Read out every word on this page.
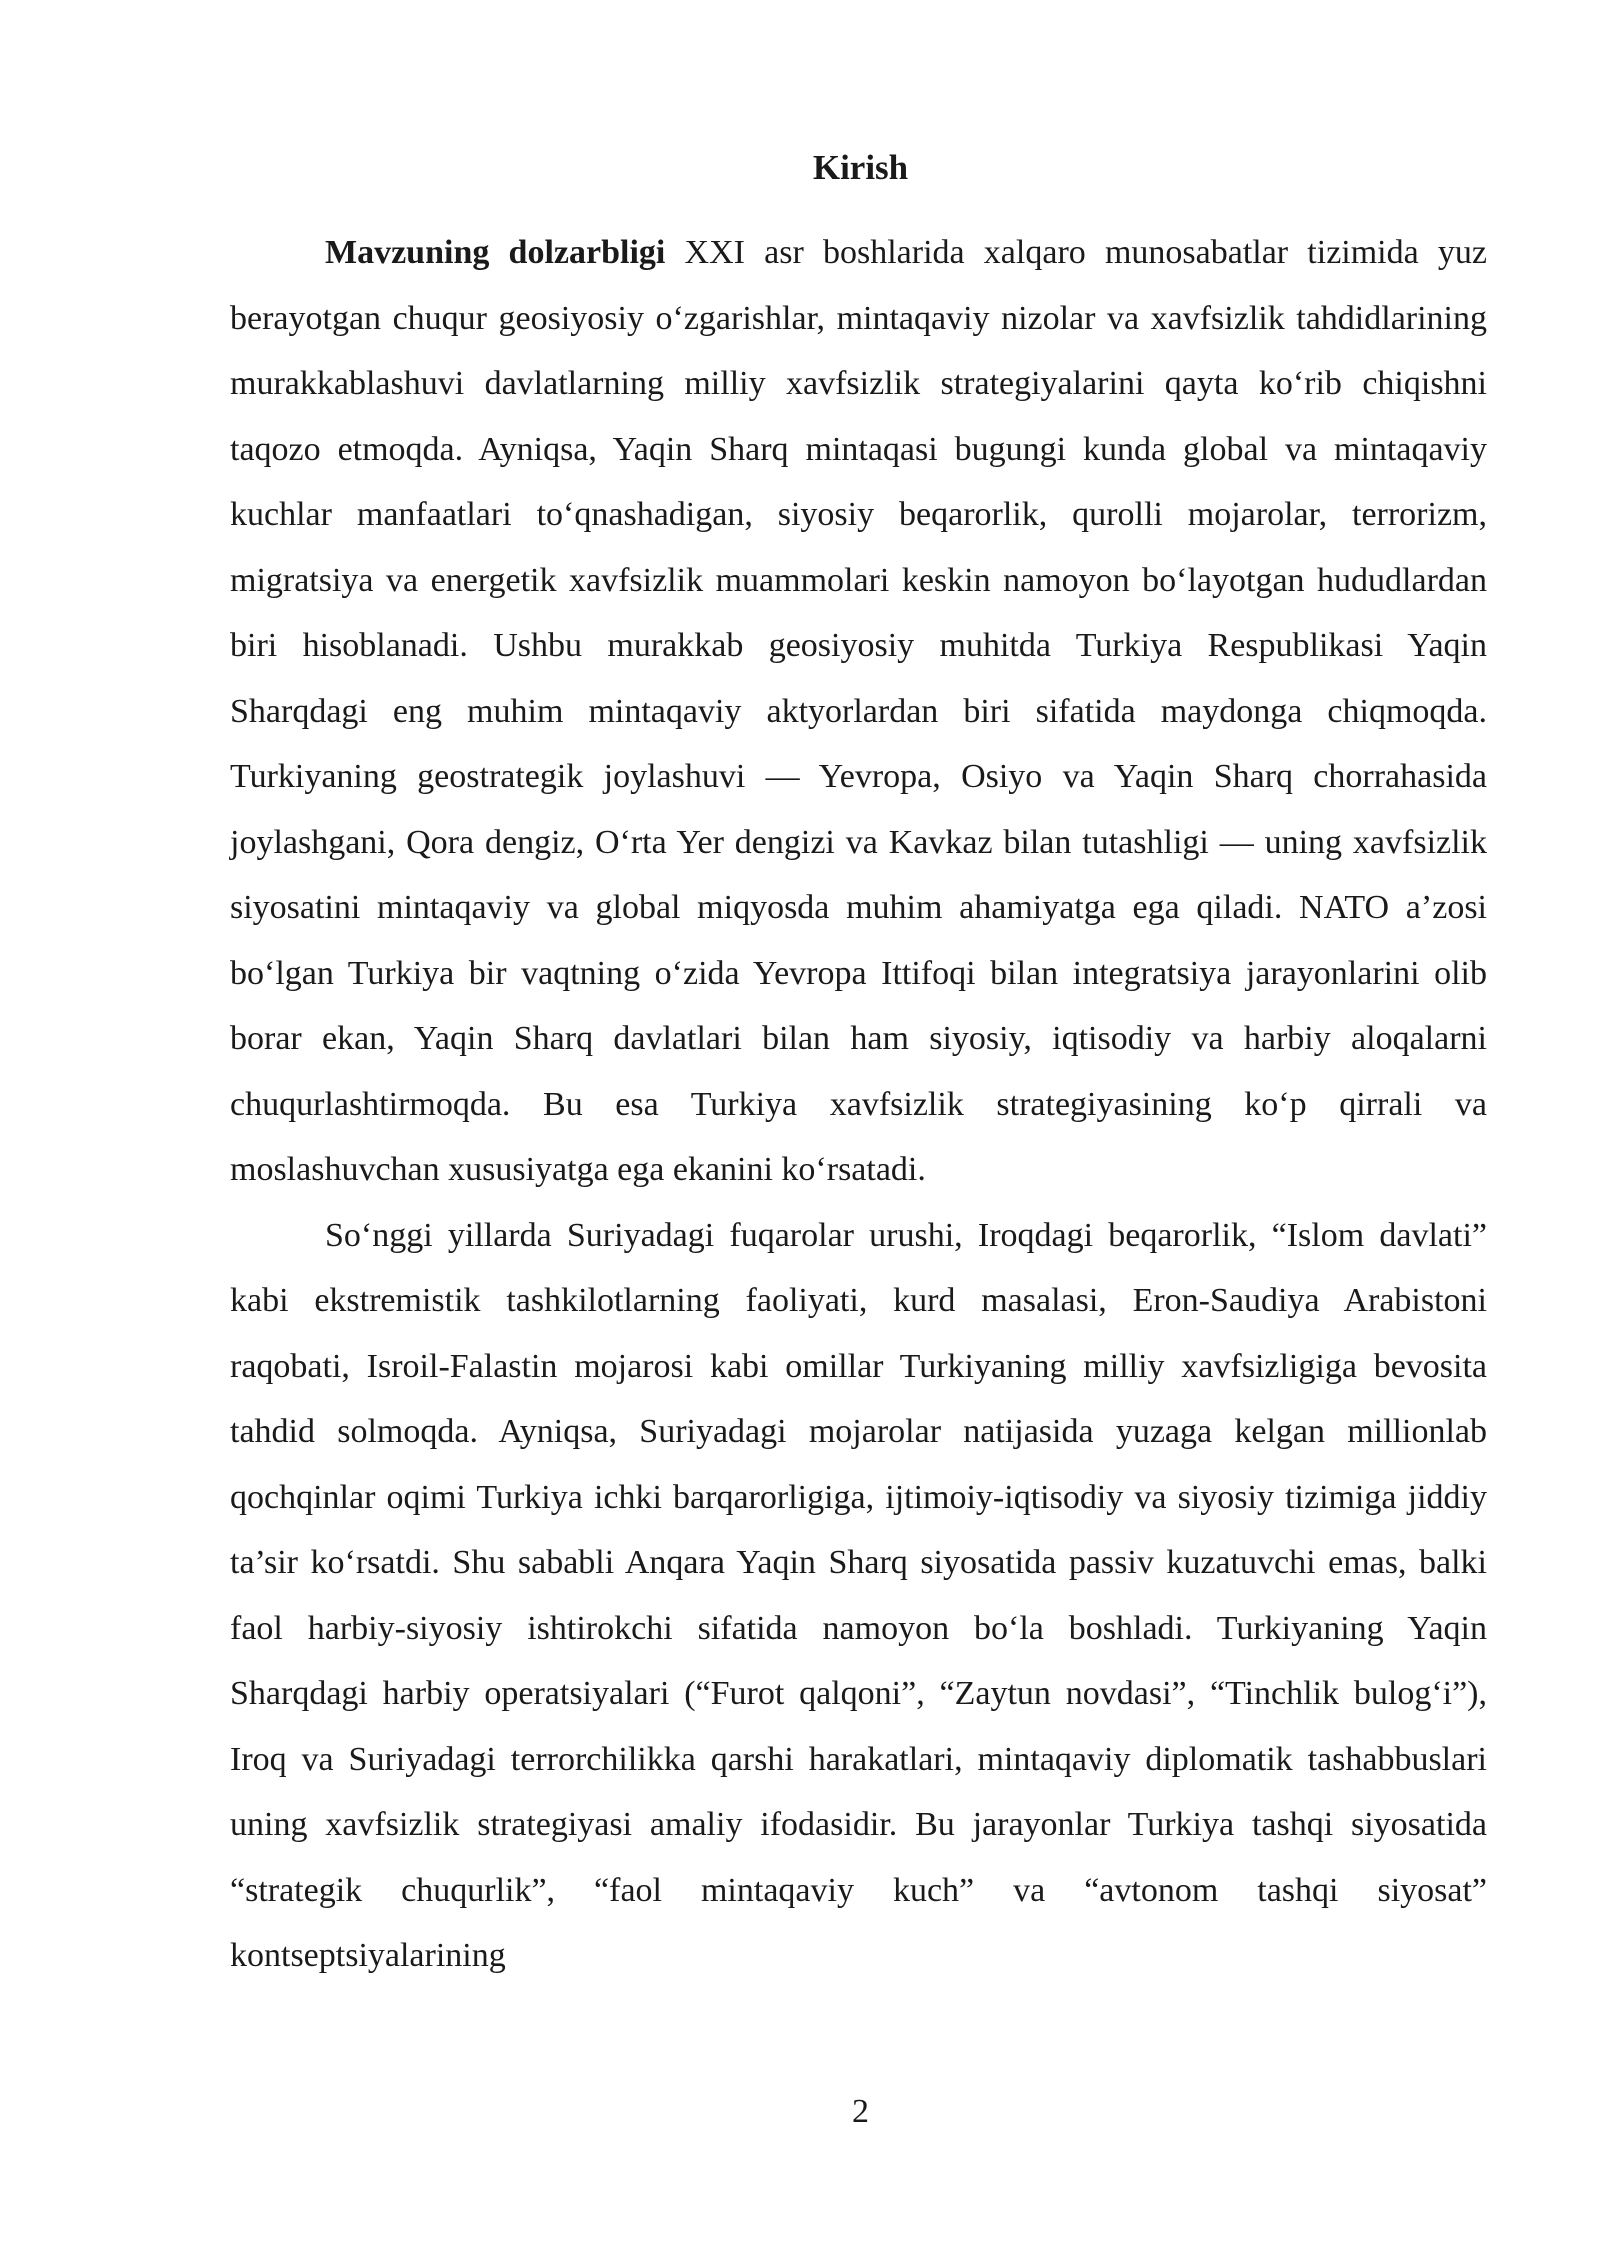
Kirish

Mavzuning dolzarbligi XXI asr boshlarida xalqaro munosabatlar tizimida yuz berayotgan chuqur geosiyosiy o‘zgarishlar, mintaqaviy nizolar va xavfsizlik tahdidlarining murakkablashuvi davlatlarning milliy xavfsizlik strategiyalarini qayta ko‘rib chiqishni taqozo etmoqda. Ayniqsa, Yaqin Sharq mintaqasi bugungi kunda global va mintaqaviy kuchlar manfaatlari to‘qnashadigan, siyosiy beqarorlik, qurolli mojarolar, terrorizm, migratsiya va energetik xavfsizlik muammolari keskin namoyon bo‘layotgan hududlardan biri hisoblanadi. Ushbu murakkab geosiyosiy muhitda Turkiya Respublikasi Yaqin Sharqdagi eng muhim mintaqaviy aktyorlardan biri sifatida maydonga chiqmoqda. Turkiyaning geostrategik joylashuvi — Yevropa, Osiyo va Yaqin Sharq chorrahasida joylashgani, Qora dengiz, O‘rta Yer dengizi va Kavkaz bilan tutashligi — uning xavfsizlik siyosatini mintaqaviy va global miqyosda muhim ahamiyatga ega qiladi. NATO a’zosi bo‘lgan Turkiya bir vaqtning o‘zida Yevropa Ittifoqi bilan integratsiya jarayonlarini olib borar ekan, Yaqin Sharq davlatlari bilan ham siyosiy, iqtisodiy va harbiy aloqalarni chuqurlashtirmoqda. Bu esa Turkiya xavfsizlik strategiyasining ko‘p qirrali va moslashuvchan xususiyatga ega ekanini ko‘rsatadi.

So‘nggi yillarda Suriyadagi fuqarolar urushi, Iroqdagi beqarorlik, “Islom davlati” kabi ekstremistik tashkilotlarning faoliyati, kurd masalasi, Eron-Saudiya Arabistoni raqobati, Isroil-Falastin mojarosi kabi omillar Turkiyaning milliy xavfsizligiga bevosita tahdid solmoqda. Ayniqsa, Suriyadagi mojarolar natijasida yuzaga kelgan millionlab qochqinlar oqimi Turkiya ichki barqarorligiga, ijtimoiy-iqtisodiy va siyosiy tizimiga jiddiy ta’sir ko‘rsatdi. Shu sababli Anqara Yaqin Sharq siyosatida passiv kuzatuvchi emas, balki faol harbiy-siyosiy ishtirokchi sifatida namoyon bo‘la boshladi. Turkiyaning Yaqin Sharqdagi harbiy operatsiyalari (“Furot qalqoni”, “Zaytun novdasi”, “Tinchlik bulog‘i”), Iroq va Suriyadagi terrorchilikka qarshi harakatlari, mintaqaviy diplomatik tashabbuslari uning xavfsizlik strategiyasi amaliy ifodasidir. Bu jarayonlar Turkiya tashqi siyosatida “strategik chuqurlik”, “faol mintaqaviy kuch” va “avtonom tashqi siyosat” kontseptsiyalarining

2
